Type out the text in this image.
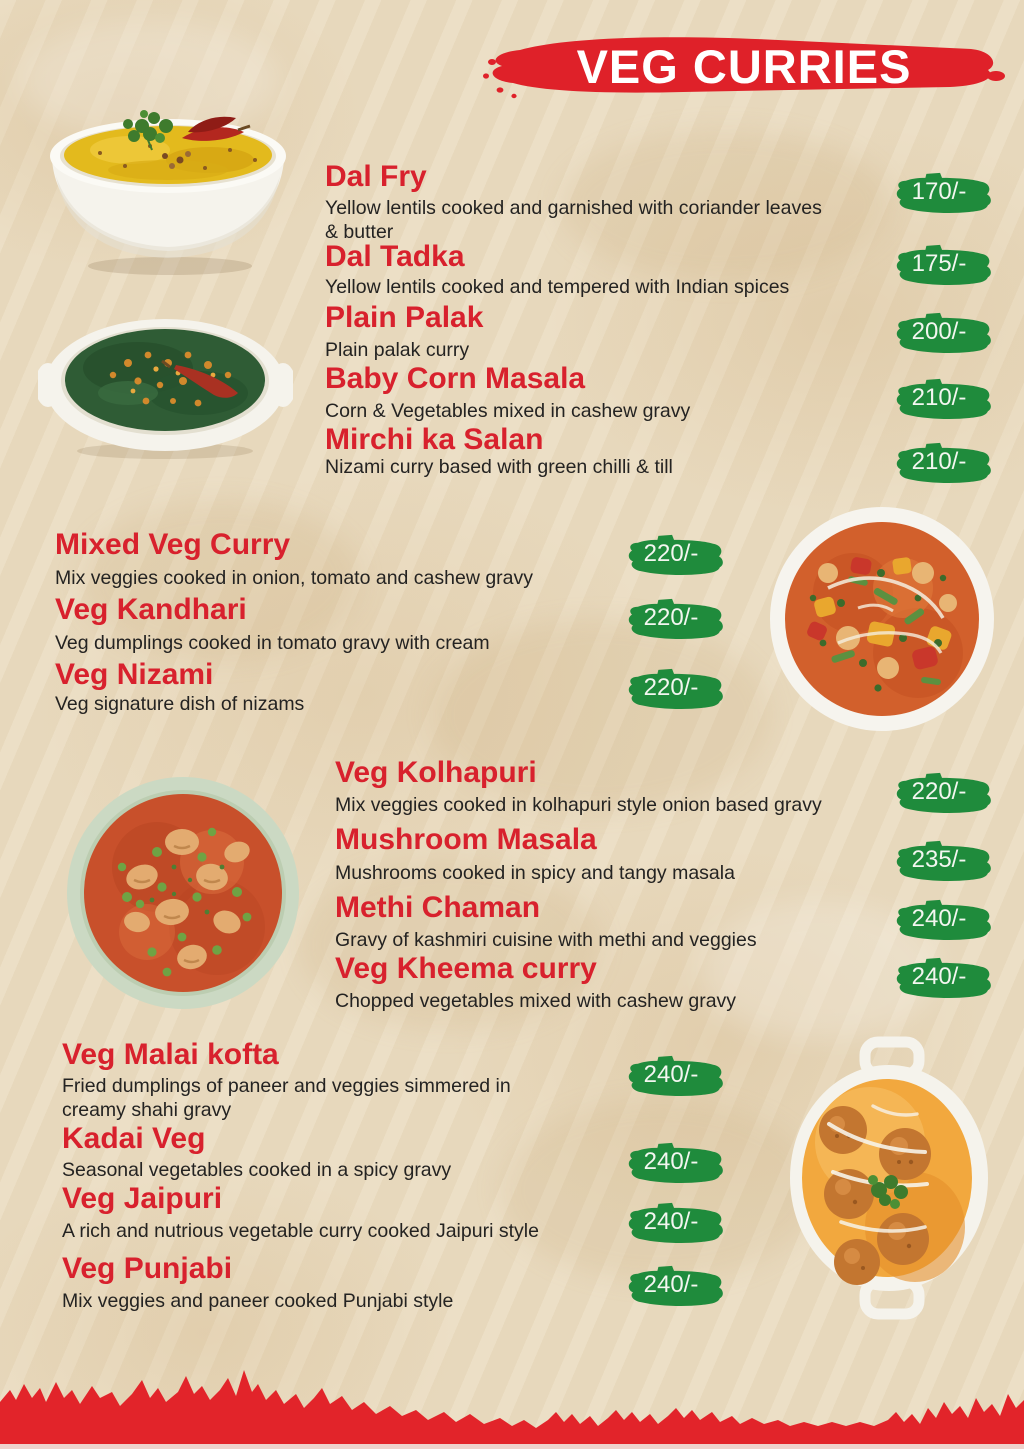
VEG CURRIES
Dal Fry
Yellow lentils cooked and garnished with coriander leaves & butter
170/-
Dal Tadka
Yellow lentils cooked and tempered with Indian spices
175/-
Plain Palak
Plain palak curry
200/-
Baby Corn Masala
Corn & Vegetables mixed in cashew gravy
210/-
Mirchi ka Salan
Nizami curry based with green chilli & till	210/-
Mixed Veg Curry
Mix veggies cooked in onion, tomato and cashew gravy
220/-
Veg Kandhari
Veg dumplings cooked in tomato gravy with cream
220/-
Veg Nizami
Veg signature dish of nizams
220/-
Veg Kolhapuri
Mix veggies cooked in kolhapuri style onion based gravy
220/-
Mushroom Masala
Mushrooms cooked in spicy and tangy masala
235/-
Methi Chaman
Gravy of kashmiri cuisine with methi and veggies
240/-
Veg Kheema curry
Chopped vegetables mixed with cashew gravy
240/-
Veg Malai kofta
Fried dumplings of paneer and veggies simmered in creamy shahi gravy
240/-
Kadai Veg
Seasonal vegetables cooked in a spicy gravy	240/-
Veg Jaipuri
A rich and nutrious vegetable curry cooked Jaipuri style	240/-
Veg Punjabi
Mix veggies and paneer cooked Punjabi style
240/-
